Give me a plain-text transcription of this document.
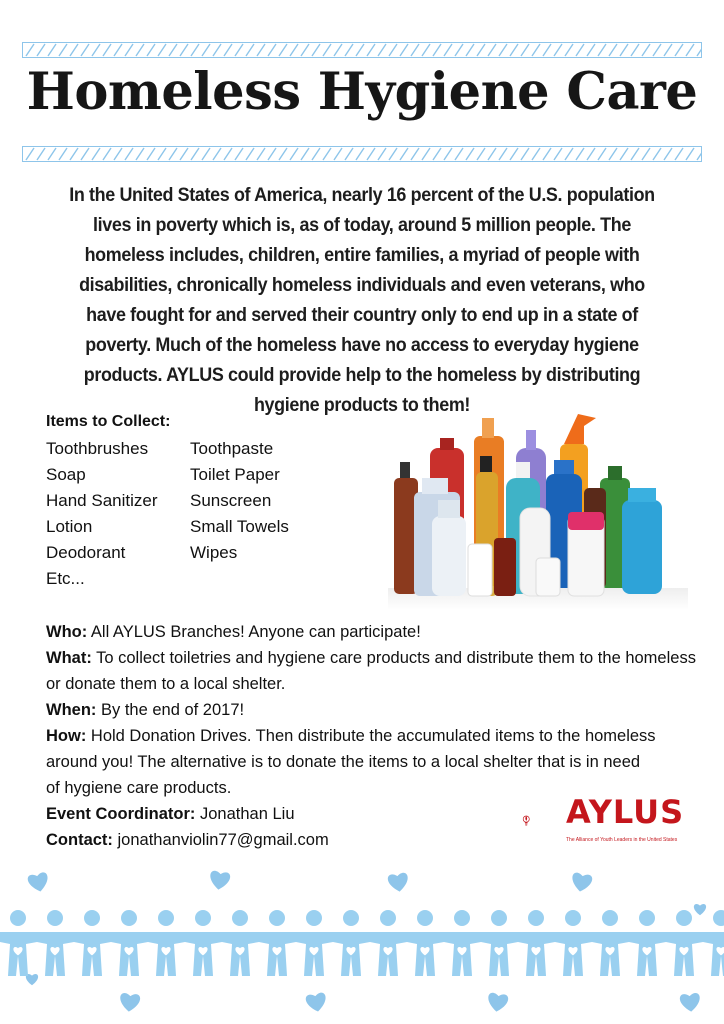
Homeless Hygiene Care

In the United States of America, nearly 16 percent of the U.S. population lives in poverty which is, as of today, around 5 million people. The homeless includes, children, entire families, a myriad of people with disabilities, chronically homeless individuals and even veterans, who have fought for and served their country only to end up in a state of poverty. Much of the homeless have no access to everyday hygiene products. AYLUS could provide help to the homeless by distributing hygiene products to them!

Items to Collect:

Toothbrushes	Toothpaste
Soap	Toilet Paper
Hand Sanitizer	Sunscreen
Lotion	Small Towels
Deodorant	Wipes
Etc...

Who: All AYLUS Branches! Anyone can participate!

What: To collect toiletries and hygiene care products and distribute them to the homeless or donate them to a local shelter.

When: By the end of 2017!

How: Hold Donation Drives. Then distribute the accumulated items to the homeless around you! The alternative is to donate the items to a local shelter that is in need of hygiene care products.

Event Coordinator: Jonathan Liu

Contact: jonathanviolin77@gmail.com

AYLUS

The Alliance of Youth Leaders in the United States
